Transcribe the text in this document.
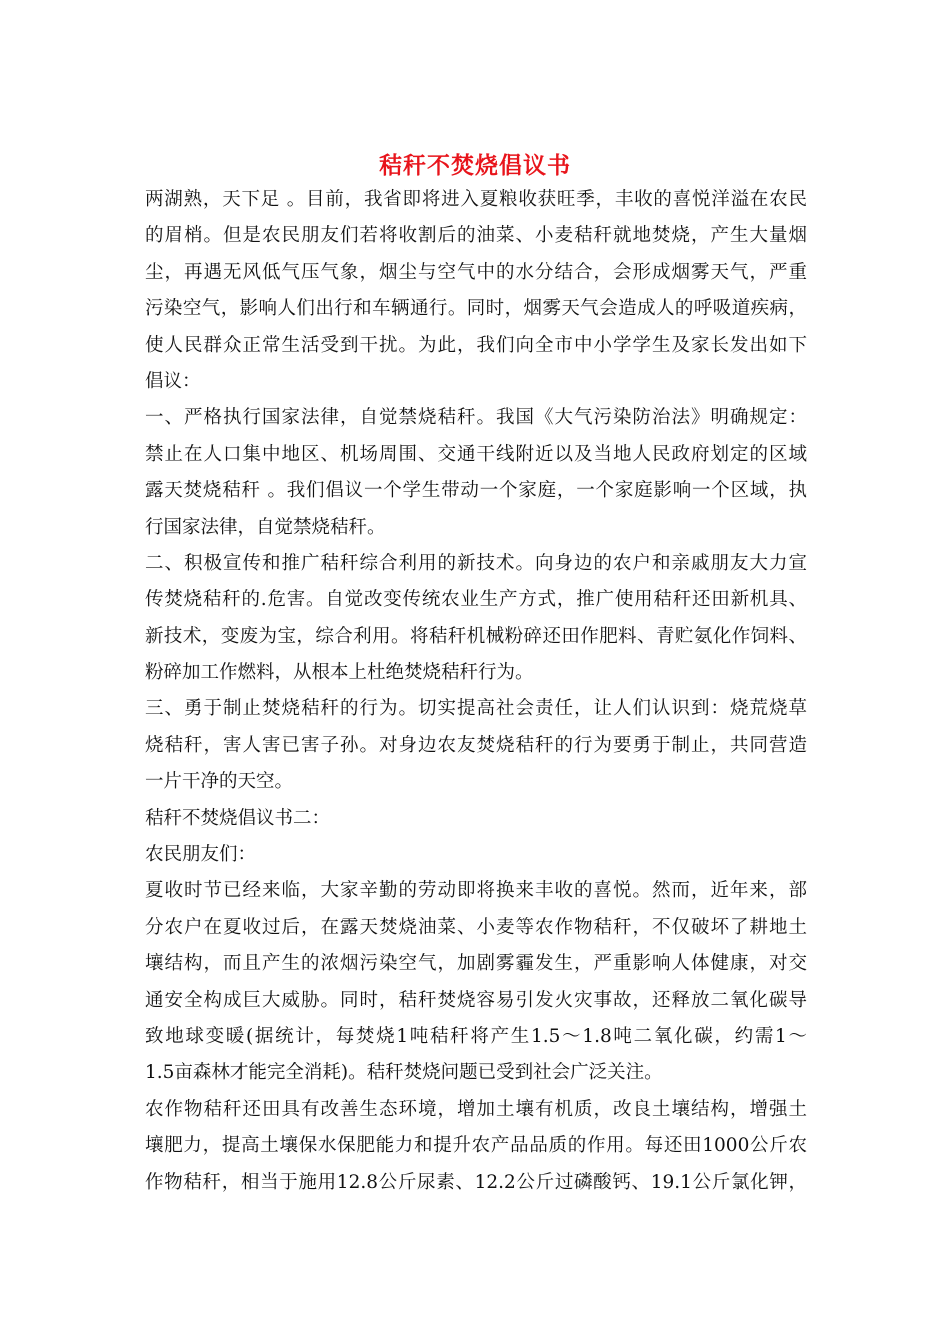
秸秆不焚烧倡议书
两湖熟，天下足 。目前，我省即将进入夏粮收获旺季，丰收的喜悦洋溢在农民
的眉梢。但是农民朋友们若将收割后的油菜、小麦秸秆就地焚烧，产生大量烟
尘，再遇无风低气压气象，烟尘与空气中的水分结合，会形成烟雾天气，严重
污染空气，影响人们出行和车辆通行。同时，烟雾天气会造成人的呼吸道疾病，
使人民群众正常生活受到干扰。为此，我们向全市中小学学生及家长发出如下
倡议：
一、严格执行国家法律，自觉禁烧秸秆。我国《大气污染防治法》明确规定：
禁止在人口集中地区、机场周围、交通干线附近以及当地人民政府划定的区域
露天焚烧秸秆 。我们倡议一个学生带动一个家庭，一个家庭影响一个区域，执
行国家法律，自觉禁烧秸秆。
二、积极宣传和推广秸秆综合利用的新技术。向身边的农户和亲戚朋友大力宣
传焚烧秸秆的.危害。自觉改变传统农业生产方式，推广使用秸秆还田新机具、
新技术，变废为宝，综合利用。将秸秆机械粉碎还田作肥料、青贮氨化作饲料、
粉碎加工作燃料，从根本上杜绝焚烧秸秆行为。
三、勇于制止焚烧秸秆的行为。切实提高社会责任，让人们认识到：烧荒烧草
烧秸秆，害人害已害子孙。对身边农友焚烧秸秆的行为要勇于制止，共同营造
一片干净的天空。
秸秆不焚烧倡议书二：
农民朋友们：
夏收时节已经来临，大家辛勤的劳动即将换来丰收的喜悦。然而，近年来，部
分农户在夏收过后，在露天焚烧油菜、小麦等农作物秸秆，不仅破坏了耕地土
壤结构，而且产生的浓烟污染空气，加剧雾霾发生，严重影响人体健康，对交
通安全构成巨大威胁。同时，秸秆焚烧容易引发火灾事故，还释放二氧化碳导
致地球变暖(据统计，每焚烧1吨秸秆将产生1.5～1.8吨二氧化碳，约需1～
1.5亩森林才能完全消耗)。秸秆焚烧问题已受到社会广泛关注。
农作物秸秆还田具有改善生态环境，增加土壤有机质，改良土壤结构，增强土
壤肥力，提高土壤保水保肥能力和提升农产品品质的作用。每还田1000公斤农
作物秸秆，相当于施用12.8公斤尿素、12.2公斤过磷酸钙、19.1公斤氯化钾，
